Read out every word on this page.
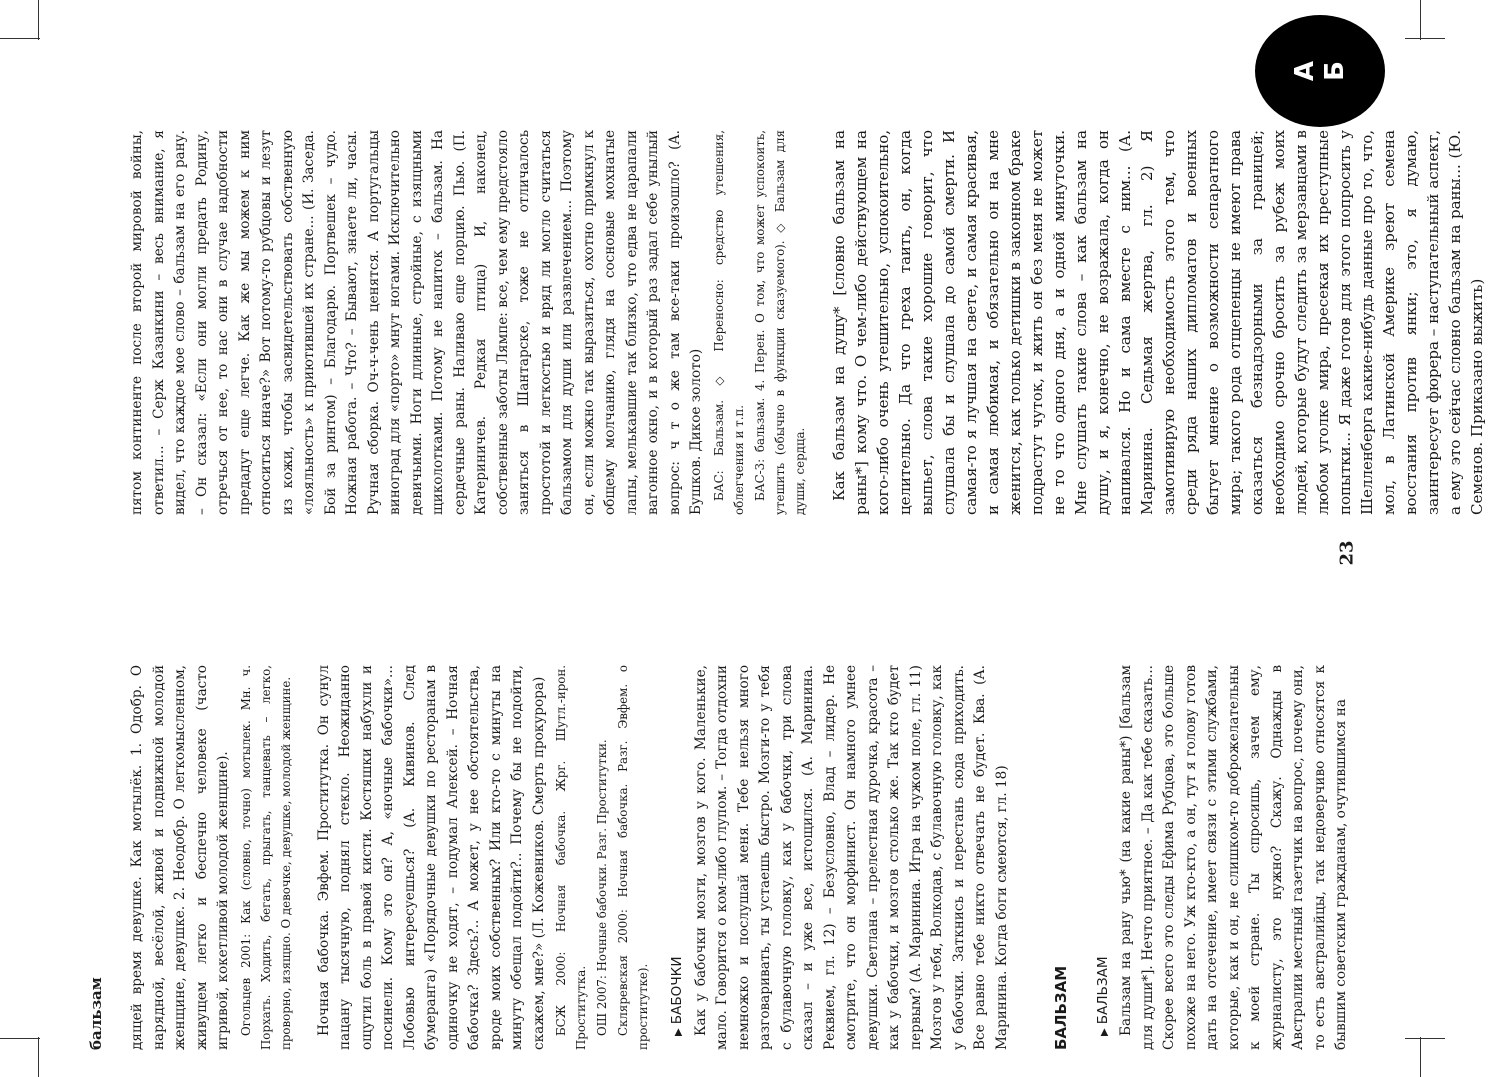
А Б
23
бальзам дящей время девушке. Как мотылёк. 1. Одобр. О нарядной, весёлой, живой и подвижной молодой женщине, девушке. 2. Неодобр. О легкомысленном, живущем легко и беспечно человеке (часто игривой, кокетливой молодой женщине). Огольцев 2001: Как (словно, точно) мотылек. Мн. ч. Порхать. Ходить, бегать, прыгать, танцевать – легко, проворно, изящно. О девочке, девушке, молодой женщине. Ночная бабочка. Эвфем. Проститутка. Он сунул пацану тысячную, поднял стекло. Неожиданно ощутил боль в правой кисти. Костяшки набухли и посинели. Кому это он? А, «ночные бабочки»... Лобовью интересуешься? (А. Кивинов. След бумеранга) «Порядочные девушки по ресторанам в одиночку не ходят, – подумал Алексей. – Ночная бабочка? Здесь?.. А может, у нее обстоятельства, вроде моих собственных? Или кто-то с минуты на минуту обещал подойти?.. Почему бы не подойти, скажем, мне?» (Л. Кожевников. Смерть прокурора) БСЖ 2000: Ночная бабочка. Жрг. Шутл.-ирон. Проститутка. ОШ 2007: Ночные бабочки. Разг. Проститутки. Скляревская 2000: Ночная бабочка. Разг. Эвфем. о проститутке).	▶БАБОЧКИ Как у бабочки мозги, мозгов у кого. Маленькие, мало. Говорится о ком-либо глупом. – Тогда отдохни немножко и послушай меня. Тебе нельзя много разговаривать, ты устаешь быстро. Мозги-то у тебя с булавочную головку, как у бабочки, три слова сказал – и уже все, истощился. (А. Маринина. Реквием, гл. 12) – Безусловно, Влад – лидер. Не смотрите, что он морфинист. Он намного умнее девушки. Светлана – прелестная дурочка, красота – как у бабочки, и мозгов столько же. Так кто будет первым? (А. Маринина. Игра на чужом поле, гл. 11) Мозгов у тебя, Волкодав, с булавочную головку, как у бабочки. Заткнись и перестань сюда приходить. Все равно тебе никто отвечать не будет. Ква. (А. Маринина. Когда боги смеются, гл. 18)	БАЛЬЗАМ	▶БАЛЬЗАМ Бальзам на рану чью* (на какие раны*) [бальзам для души*]. Нечто приятное. – Да как тебе сказать... Скорее всего это следы Ефима Рубцова, это больше похоже на него. Уж кто-кто, а он, тут я голову готов дать на отсечение, имеет связи с этими службами, которые, как и он, не слишком-то доброжелательны к моей стране. Ты спросишь, зачем ему, журналисту, это нужно? Скажу. Однажды в Австралии местный газетчик на вопрос, почему они, то есть австралийцы, так недоверчиво относятся к бывшим советским гражданам, очутившимся на

пятом континенте после второй мировой войны, ответил... – Серж Казанкини – весь внимание, я видел, что каждое мое слово – бальзам на его рану. – Он сказал: «Если они могли предать Родину, отречься от нее, то нас они в случае надобности предадут еще легче. Как же мы можем к ним относиться иначе?» Вот потому-то рубцовы и лезут из кожи, чтобы засвидетельствовать собственную «лояльность» к приютившей их стране... (И. Заседа. Бой за ринтом) – Благодарю. Портвешек – чудо. Ножная работа. – Что? – Бывают, знаете ли, часы. Ручная сборка. Оч-ч-чень ценятся. А португальцы виноград для «порто» мнут ногами. Исключительно девичьими. Ноги длинные, стройные, с изящными щиколотками. Потому не напиток – бальзам. На сердечные раны. Наливаю еще порцию. Пью. (П. Катериничев. Редкая птица) И, наконец, собственные заботы Лямпе: все, чем ему предстояло заняться в Шантарске, тоже не отличалось простотой и легкостью и вряд ли могло считаться бальзамом для души или развлечением... Поэтому он, если можно так выразиться, охотно примкнул к общему молчанию, глядя на сосновые мохнатые лапы, мелькавшие так близко, что едва не царапали вагонное окно, и в который раз задал себе унылый вопрос: ч т о же там все-таки произошло? (А. Бушков. Дикое золото) БАС: Бальзам. ◇ Переносно: средство утешения, облегчения и т.п. БАС-3: бальзам. 4. Перен. О том, что может успокоить, утешить (обычно в функции сказуемого). ◇ Бальзам для души, сердца. Как бальзам на душу* [словно бальзам на раны*] кому что. О чем-либо действующем на кого-либо очень утешительно, успокоительно, целительно. Да что греха таить, он, когда выпьет, слова такие хорошие говорит, что слушала бы и слушала до самой смерти. И самая-то я лучшая на свете, и самая красивая, и самая любимая, и обязательно он на мне женится, как только детишки в законном браке подрастут чуток, и жить он без меня не может не то что одного дня, а и одной минуточки. Мне слушать такие слова – как бальзам на душу, и я, конечно, не возражала, когда он напивался. Но и сама вместе с ним... (А. Маринина. Седьмая жертва, гл. 2) Я замотивирую необходимость этого тем, что среди ряда наших дипломатов и военных бытует мнение о возможности сепаратного мира; такого рода отщепенцы не имеют права оказаться безнадзорными за границей; необходимо срочно бросить за рубеж моих людей, которые будут следить за мерзавцами в любом уголке мира, пресекая их преступные попытки... Я даже готов для этого попросить у Шелленберга какие-нибудь данные про то, что, мол, в Латинской Америке зреют семена восстания против янки; это, я думаю, заинтересует фюрера – наступательный аспект, а ему это сейчас словно бальзам на раны... (Ю. Семенов. Приказано выжить)
